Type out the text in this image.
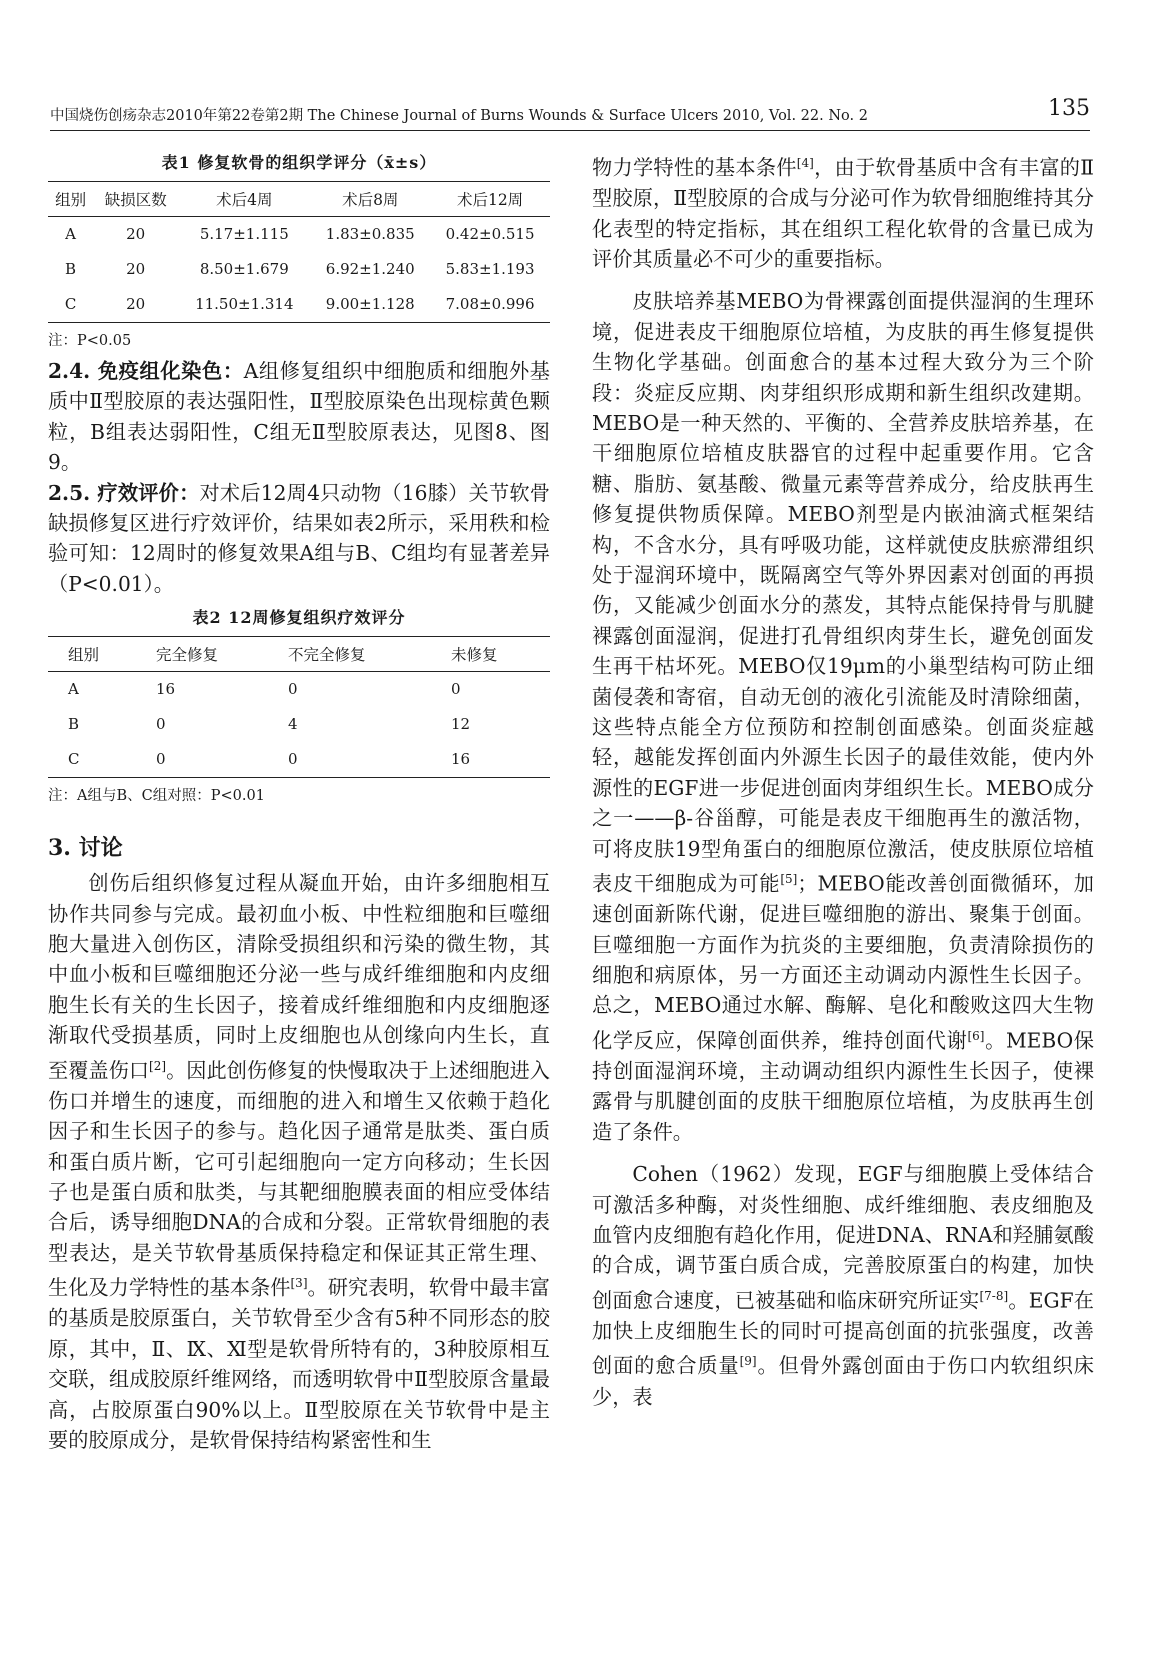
中国烧伤创疡杂志2010年第22卷第2期 The Chinese Journal of Burns Wounds & Surface Ulcers 2010, Vol. 22. No. 2	135
表1 修复软骨的组织学评分（x̄±s）
组别	缺损区数	术后4周	术后8周	术后12周
A	20	5.17±1.115	1.83±0.835	0.42±0.515
B	20	8.50±1.679	6.92±1.240	5.83±1.193
C	20	11.50±1.314	9.00±1.128	7.08±0.996
注：P<0.05

2.4. 免疫组化染色：A组修复组织中细胞质和细胞外基质中Ⅱ型胶原的表达强阳性，Ⅱ型胶原染色出现棕黄色颗粒，B组表达弱阳性，C组无Ⅱ型胶原表达，见图8、图9。

2.5. 疗效评价：对术后12周4只动物（16膝）关节软骨缺损修复区进行疗效评价，结果如表2所示，采用秩和检验可知：12周时的修复效果A组与B、C组均有显著差异（P<0.01）。

表2 12周修复组织疗效评分
组别	完全修复	不完全修复	未修复
A	16	0	0
B	0	4	12
C	0	0	16
注：A组与B、C组对照：P<0.01
3. 讨论

创伤后组织修复过程从凝血开始，由许多细胞相互协作共同参与完成。最初血小板、中性粒细胞和巨噬细胞大量进入创伤区，清除受损组织和污染的微生物，其中血小板和巨噬细胞还分泌一些与成纤维细胞和内皮细胞生长有关的生长因子，接着成纤维细胞和内皮细胞逐渐取代受损基质，同时上皮细胞也从创缘向内生长，直至覆盖伤口[2]。因此创伤修复的快慢取决于上述细胞进入伤口并增生的速度，而细胞的进入和增生又依赖于趋化因子和生长因子的参与。趋化因子通常是肽类、蛋白质和蛋白质片断，它可引起细胞向一定方向移动；生长因子也是蛋白质和肽类，与其靶细胞膜表面的相应受体结合后，诱导细胞DNA的合成和分裂。正常软骨细胞的表型表达，是关节软骨基质保持稳定和保证其正常生理、生化及力学特性的基本条件[3]。研究表明，软骨中最丰富的基质是胶原蛋白，关节软骨至少含有5种不同形态的胶原，其中，Ⅱ、Ⅸ、Ⅺ型是软骨所特有的，3种胶原相互交联，组成胶原纤维网络，而透明软骨中Ⅱ型胶原含量最高，占胶原蛋白90%以上。Ⅱ型胶原在关节软骨中是主要的胶原成分，是软骨保持结构紧密性和生

物力学特性的基本条件[4]，由于软骨基质中含有丰富的Ⅱ型胶原，Ⅱ型胶原的合成与分泌可作为软骨细胞维持其分化表型的特定指标，其在组织工程化软骨的含量已成为评价其质量必不可少的重要指标。

皮肤培养基MEBO为骨裸露创面提供湿润的生理环境，促进表皮干细胞原位培植，为皮肤的再生修复提供生物化学基础。创面愈合的基本过程大致分为三个阶段：炎症反应期、肉芽组织形成期和新生组织改建期。MEBO是一种天然的、平衡的、全营养皮肤培养基，在干细胞原位培植皮肤器官的过程中起重要作用。它含糖、脂肪、氨基酸、微量元素等营养成分，给皮肤再生修复提供物质保障。MEBO剂型是内嵌油滴式框架结构，不含水分，具有呼吸功能，这样就使皮肤瘀滞组织处于湿润环境中，既隔离空气等外界因素对创面的再损伤，又能减少创面水分的蒸发，其特点能保持骨与肌腱裸露创面湿润，促进打孔骨组织肉芽生长，避免创面发生再干枯坏死。MEBO仅19μm的小巢型结构可防止细菌侵袭和寄宿，自动无创的液化引流能及时清除细菌，这些特点能全方位预防和控制创面感染。创面炎症越轻，越能发挥创面内外源生长因子的最佳效能，使内外源性的EGF进一步促进创面肉芽组织生长。MEBO成分之一——β-谷甾醇，可能是表皮干细胞再生的激活物，可将皮肤19型角蛋白的细胞原位激活，使皮肤原位培植表皮干细胞成为可能[5]；MEBO能改善创面微循环，加速创面新陈代谢，促进巨噬细胞的游出、聚集于创面。巨噬细胞一方面作为抗炎的主要细胞，负责清除损伤的细胞和病原体，另一方面还主动调动内源性生长因子。总之，MEBO通过水解、酶解、皂化和酸败这四大生物化学反应，保障创面供养，维持创面代谢[6]。MEBO保持创面湿润环境，主动调动组织内源性生长因子，使裸露骨与肌腱创面的皮肤干细胞原位培植，为皮肤再生创造了条件。

Cohen（1962）发现，EGF与细胞膜上受体结合可激活多种酶，对炎性细胞、成纤维细胞、表皮细胞及血管内皮细胞有趋化作用，促进DNA、RNA和羟脯氨酸的合成，调节蛋白质合成，完善胶原蛋白的构建，加快创面愈合速度，已被基础和临床研究所证实[7-8]。EGF在加快上皮细胞生长的同时可提高创面的抗张强度，改善创面的愈合质量[9]。但骨外露创面由于伤口内软组织床少，表
